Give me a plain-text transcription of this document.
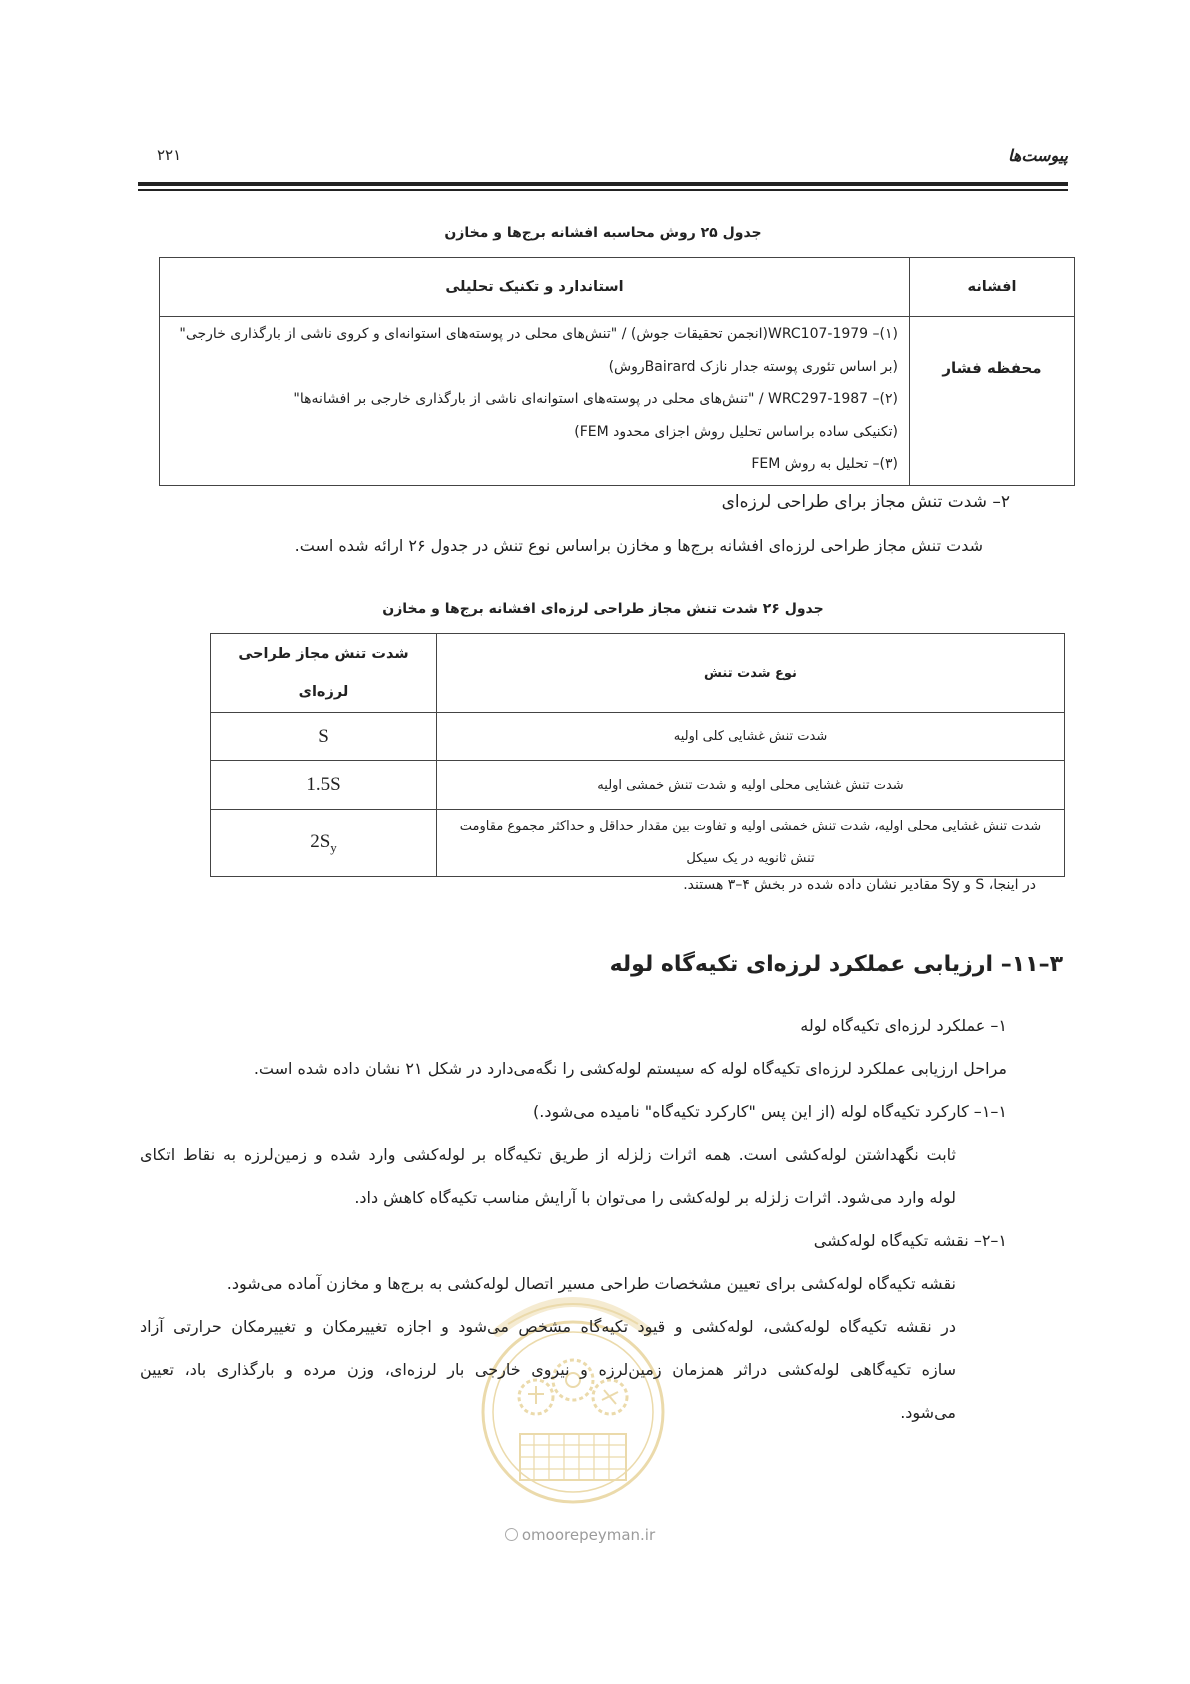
پیوست‌ها
۲۲۱
جدول ۲۵ روش محاسبه افشانه برج‌ها و مخازن
افشانه	استاندارد و تکنیک تحلیلی
محفظه فشار	(۱)– WRC107-1979(انجمن تحقیقات جوش) / "تنش‌های محلی در پوسته‌های استوانه‌ای و کروی ناشی از بارگذاری خارجی"
(بر اساس تئوری پوسته جدار نازک Bairardروش)
(۲)– WRC297-1987 / "تنش‌های محلی در پوسته‌های استوانه‌ای ناشی از بارگذاری خارجی بر افشانه‌ها"
(تکنیکی ساده براساس تحلیل روش اجزای محدود FEM)
(۳)– تحلیل به روش FEM
۲– شدت تنش مجاز برای طراحی لرزه‌ای
شدت تنش مجاز طراحی لرزه‌ای افشانه برج‌ها و مخازن براساس نوع تنش در جدول ۲۶ ارائه شده است.
جدول ۲۶ شدت تنش مجاز طراحی لرزه‌ای افشانه برج‌ها و مخازن
نوع شدت تنش	شدت تنش مجاز طراحی
لرزه‌ای

شدت تنش غشایی کلی اولیه	S
شدت تنش غشایی محلی اولیه و شدت تنش خمشی اولیه	1.5S

شدت تنش غشایی محلی اولیه، شدت تنش خمشی اولیه و تفاوت بین مقدار حداقل و حداکثر مجموع مقاومت
تنش ثانویه در یک سیکل	$2S_y$
در اینجا، S و Sy مقادیر نشان داده شده در بخش ۴–۳ هستند.
۳–۱۱– ارزیابی عملکرد لرزه‌ای تکیه‌گاه لوله
۱– عملکرد لرزه‌ای تکیه‌گاه لوله
مراحل ارزیابی عملکرد لرزه‌ای تکیه‌گاه لوله که سیستم لوله‌کشی را نگه‌می‌دارد در شکل ۲۱ نشان داده شده است.
۱–۱– کارکرد تکیه‌گاه لوله (از این پس "کارکرد تکیه‌گاه" نامیده می‌شود.)
ثابت نگهداشتن لوله‌کشی است. همه اثرات زلزله از طریق تکیه‌گاه بر لوله‌کشی وارد شده و زمین‌لرزه به نقاط اتکای
لوله وارد می‌شود. اثرات زلزله بر لوله‌کشی را می‌توان با آرایش مناسب تکیه‌گاه کاهش داد.
۱–۲– نقشه تکیه‌گاه لوله‌کشی
نقشه تکیه‌گاه لوله‌کشی برای تعیین مشخصات طراحی مسیر اتصال لوله‌کشی به برج‌ها و مخازن آماده می‌شود.
در نقشه تکیه‌گاه لوله‌کشی، لوله‌کشی و قیود تکیه‌گاه مشخص می‌شود و اجازه تغییرمکان و تغییرمکان حرارتی آزاد
سازه تکیه‌گاهی لوله‌کشی دراثر همزمان زمین‌لرزه و نیروی خارجی بار لرزه‌ای، وزن مرده و بارگذاری باد، تعیین
می‌شود.
omoorepeyman.ir
